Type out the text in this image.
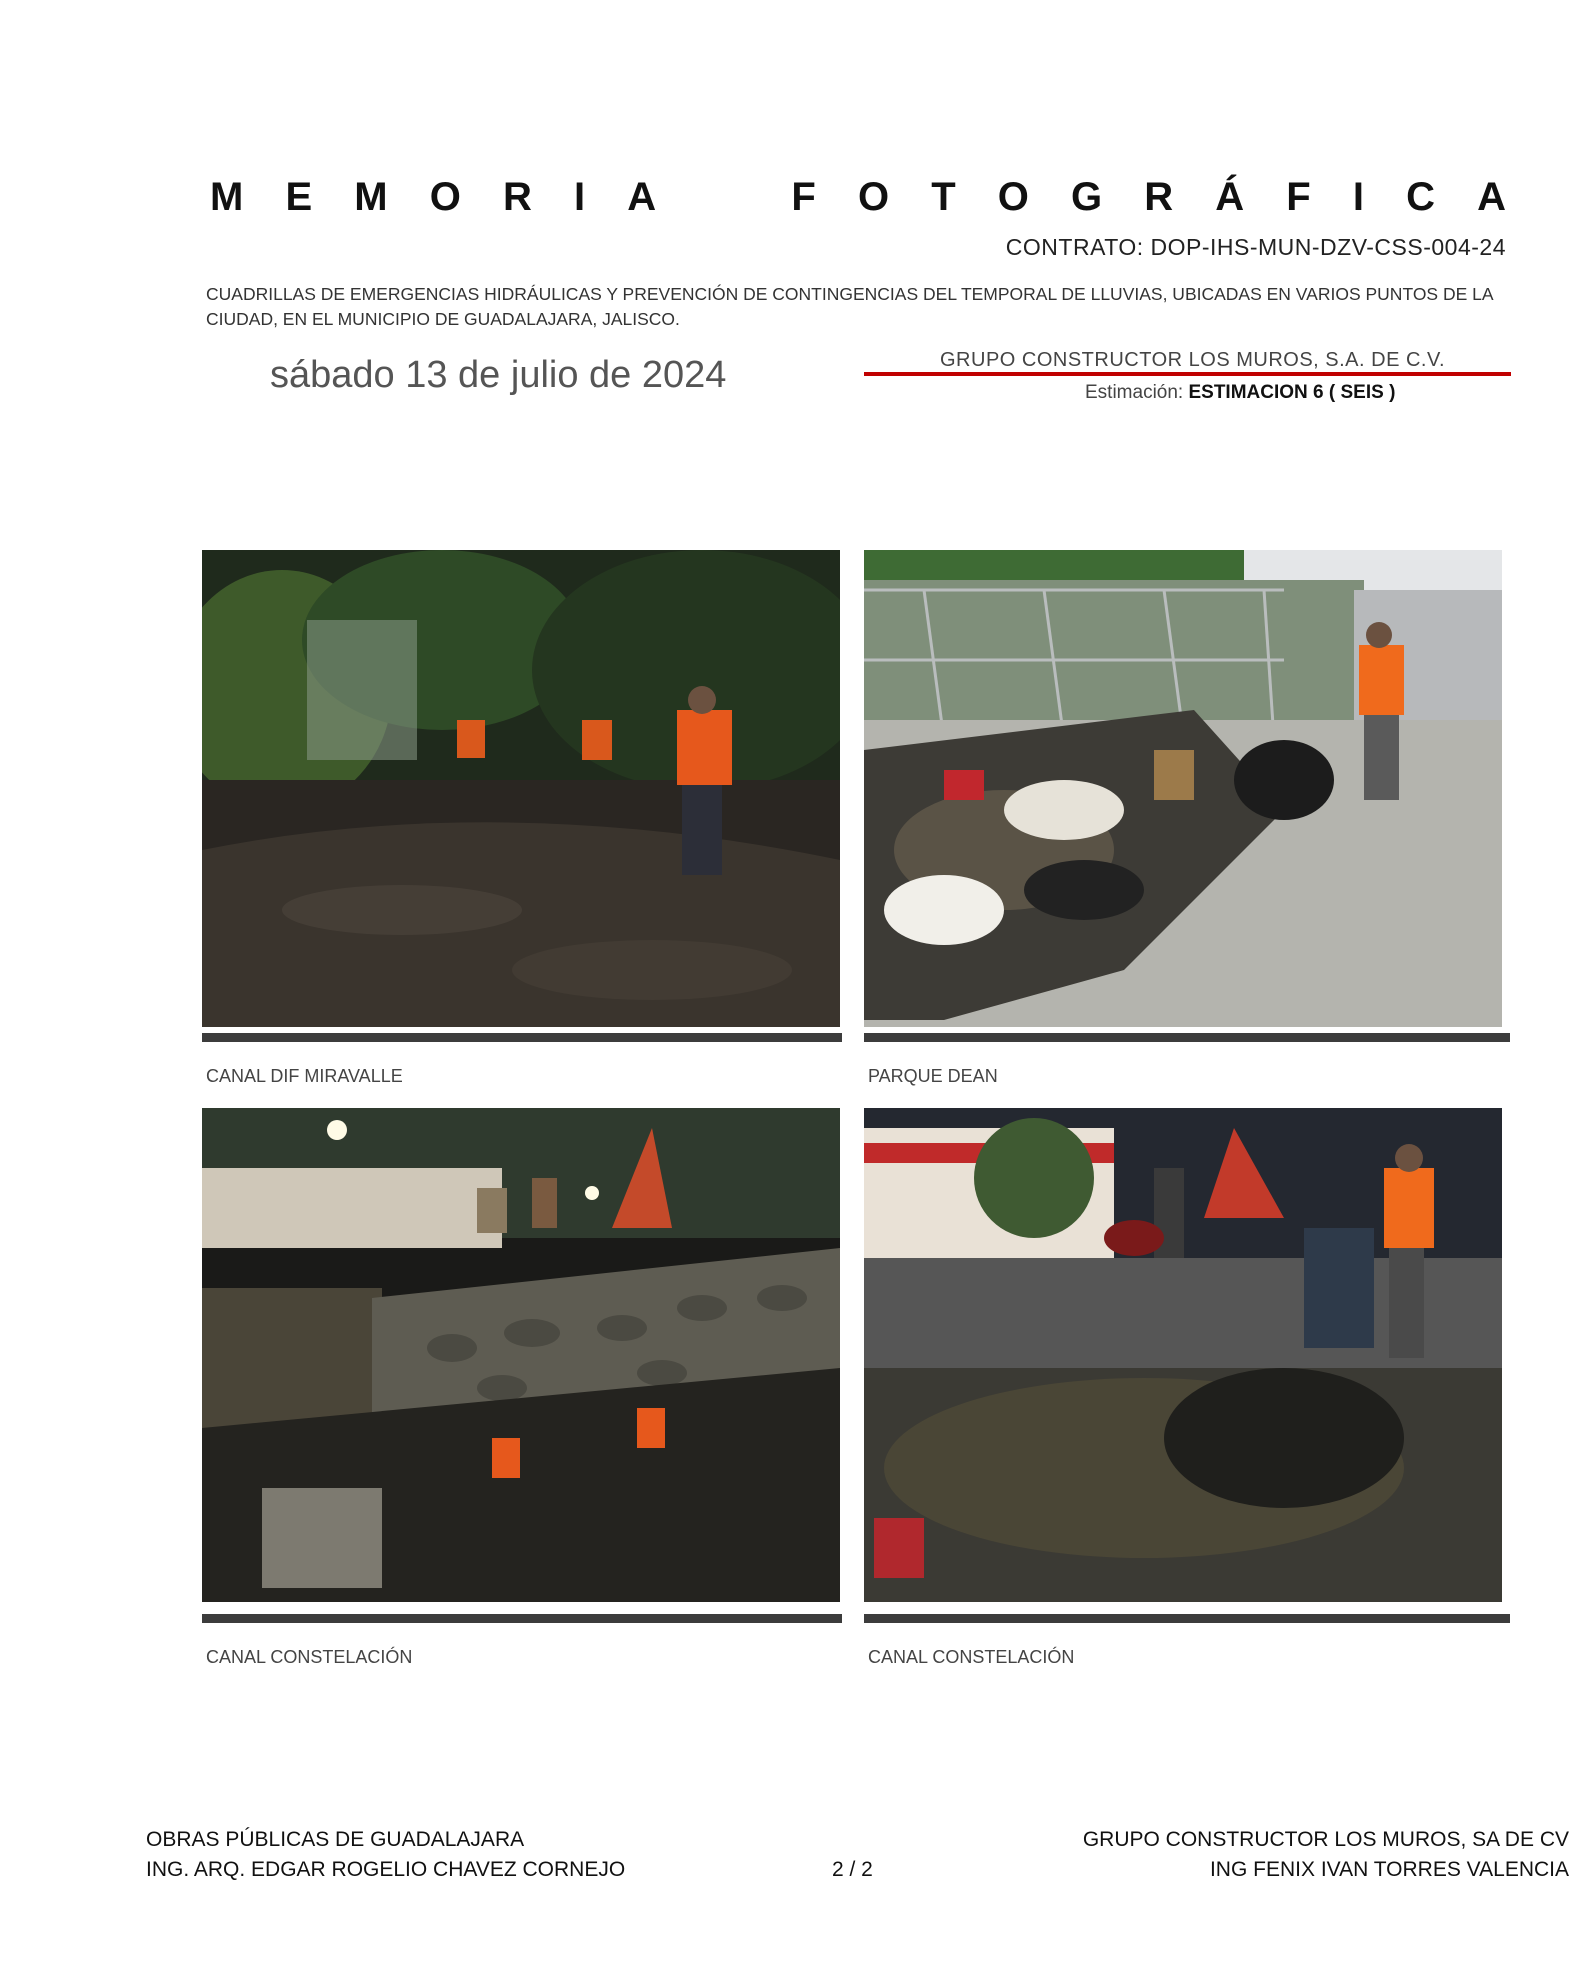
M E M O R I A	F O T O G R Á F I C A
CONTRATO: DOP-IHS-MUN-DZV-CSS-004-24
CUADRILLAS DE EMERGENCIAS HIDRÁULICAS Y PREVENCIÓN DE CONTINGENCIAS DEL TEMPORAL DE LLUVIAS, UBICADAS EN VARIOS PUNTOS DE LA CIUDAD, EN EL MUNICIPIO DE GUADALAJARA, JALISCO.
sábado 13 de julio de 2024	GRUPO CONSTRUCTOR LOS MUROS, S.A. DE C.V.
Estimación: ESTIMACION 6 ( SEIS )
CANAL DIF MIRAVALLE	PARQUE DEAN
CANAL CONSTELACIÓN	CANAL CONSTELACIÓN
OBRAS PÚBLICAS DE GUADALAJARA
ING. ARQ. EDGAR ROGELIO CHAVEZ CORNEJO	2 / 2
GRUPO CONSTRUCTOR LOS MUROS, SA DE CV
ING FENIX IVAN TORRES VALENCIA
